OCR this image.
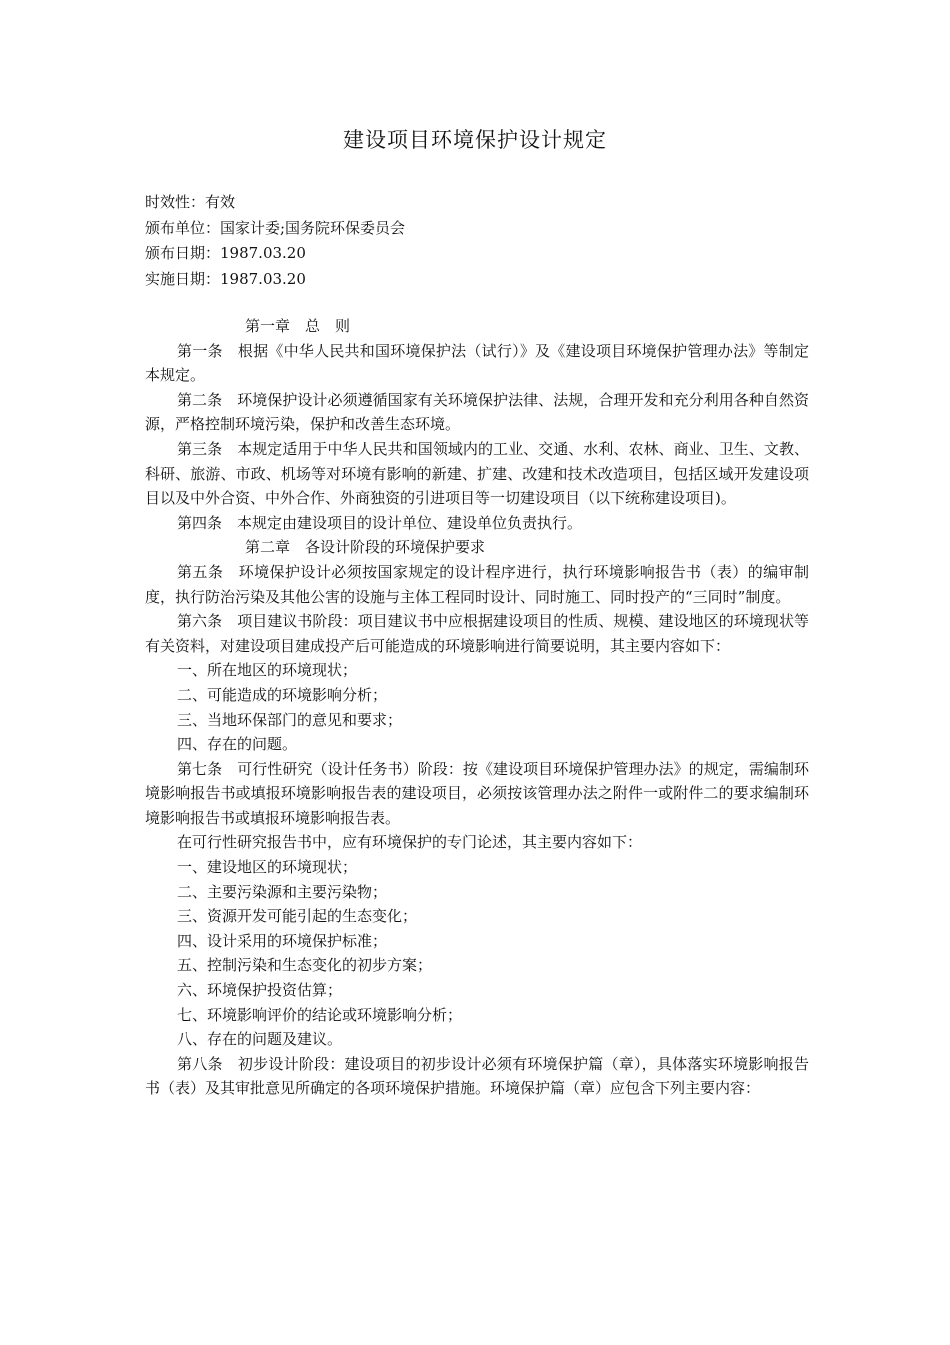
建设项目环境保护设计规定
时效性：有效
颁布单位：国家计委;国务院环保委员会
颁布日期：1987.03.20
实施日期：1987.03.20

第一章　总　则

第一条　根据《中华人民共和国环境保护法（试行）》及《建设项目环境保护管理办法》等制定本规定。

第二条　环境保护设计必须遵循国家有关环境保护法律、法规，合理开发和充分利用各种自然资源，严格控制环境污染，保护和改善生态环境。

第三条　本规定适用于中华人民共和国领域内的工业、交通、水利、农林、商业、卫生、文教、科研、旅游、市政、机场等对环境有影响的新建、扩建、改建和技术改造项目，包括区域开发建设项目以及中外合资、中外合作、外商独资的引进项目等一切建设项目（以下统称建设项目)。

第四条　本规定由建设项目的设计单位、建设单位负责执行。

第二章　各设计阶段的环境保护要求

第五条　环境保护设计必须按国家规定的设计程序进行，执行环境影响报告书（表）的编审制度，执行防治污染及其他公害的设施与主体工程同时设计、同时施工、同时投产的“三同时”制度。

第六条　项目建议书阶段：项目建议书中应根据建设项目的性质、规模、建设地区的环境现状等有关资料，对建设项目建成投产后可能造成的环境影响进行简要说明，其主要内容如下：

一、所在地区的环境现状；

二、可能造成的环境影响分析；

三、当地环保部门的意见和要求；

四、存在的问题。

第七条　可行性研究（设计任务书）阶段：按《建设项目环境保护管理办法》的规定，需编制环境影响报告书或填报环境影响报告表的建设项目，必须按该管理办法之附件一或附件二的要求编制环境影响报告书或填报环境影响报告表。

在可行性研究报告书中，应有环境保护的专门论述，其主要内容如下：

一、建设地区的环境现状；

二、主要污染源和主要污染物；

三、资源开发可能引起的生态变化；

四、设计采用的环境保护标准；

五、控制污染和生态变化的初步方案；

六、环境保护投资估算；

七、环境影响评价的结论或环境影响分析；

八、存在的问题及建议。

第八条　初步设计阶段：建设项目的初步设计必须有环境保护篇（章），具体落实环境影响报告书（表）及其审批意见所确定的各项环境保护措施。环境保护篇（章）应包含下列主要内容：
